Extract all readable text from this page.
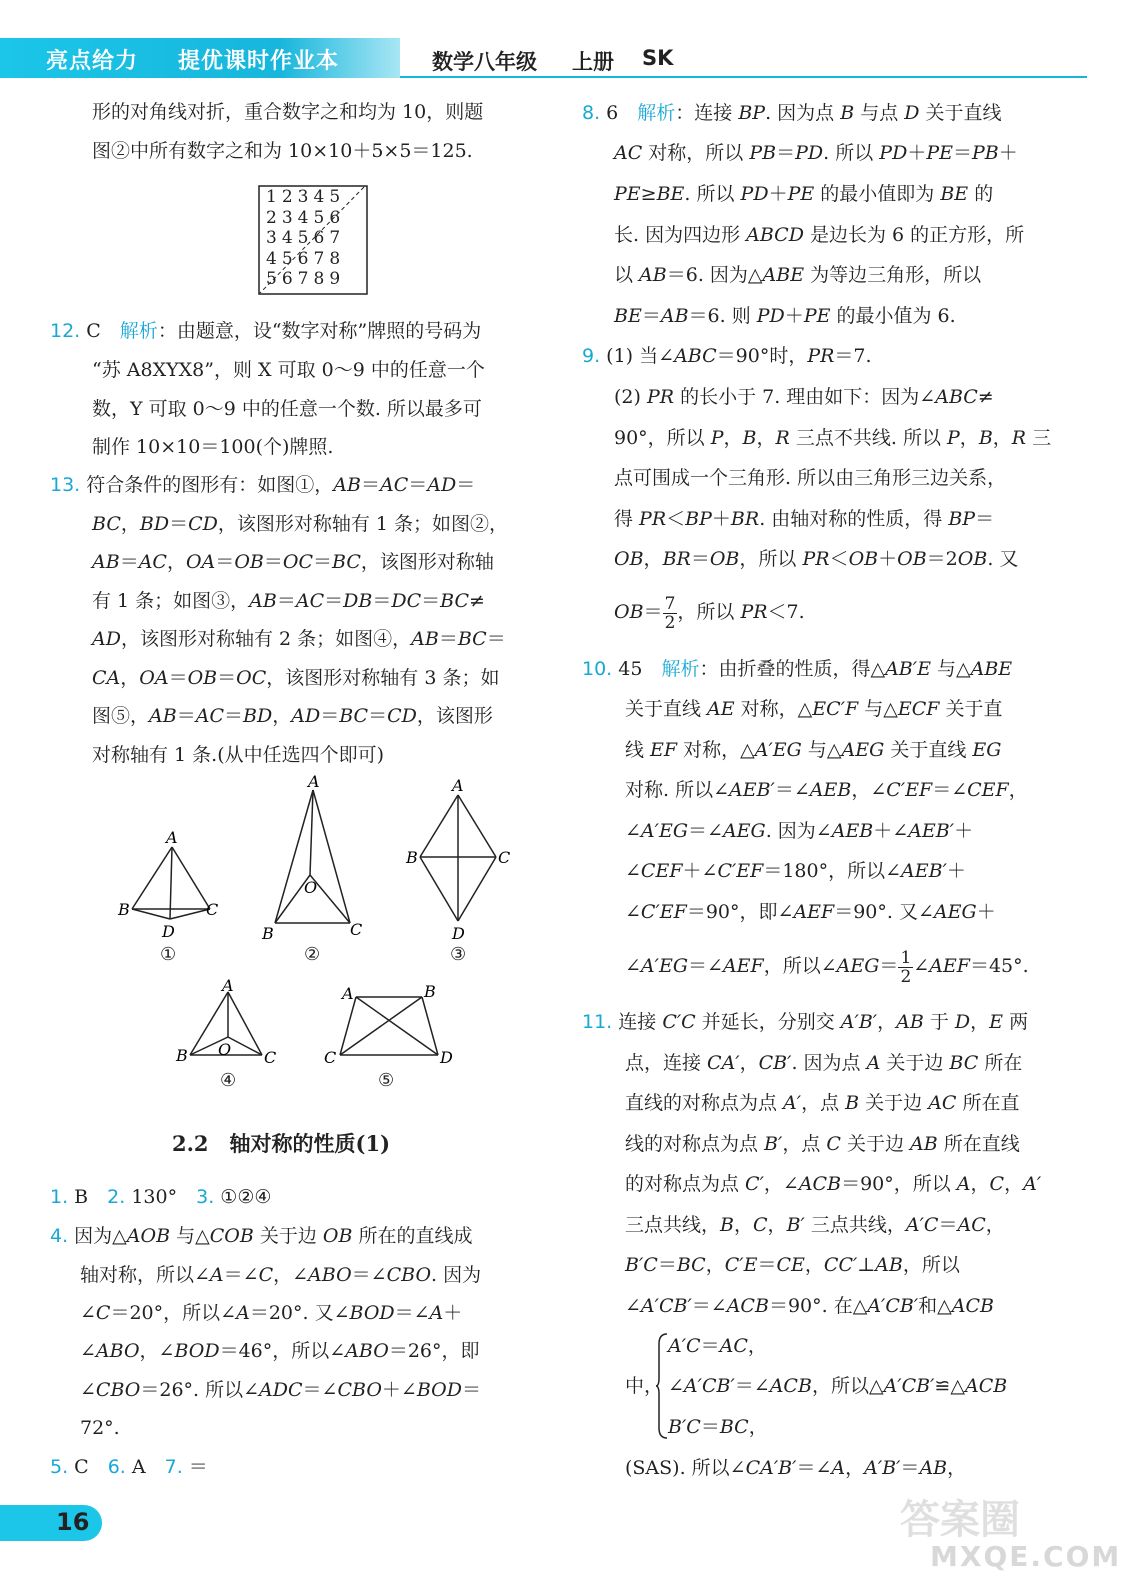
亮点给力 提优课时作业本	数学八年级 上册 SK
形的对角线对折，重合数字之和均为 10，则题
图②中所有数字之和为 10×10＋5×5＝125.
12345
23456
34567
45678
56789
12. C　解析：由题意，设“数字对称”牌照的号码为
“苏 A8XYX8”，则 X 可取 0～9 中的任意一个
数，Y 可取 0～9 中的任意一个数. 所以最多可
制作 10×10＝100(个)牌照.
13. 符合条件的图形有：如图①，AB＝AC＝AD＝
BC，BD＝CD，该图形对称轴有 1 条；如图②，
AB＝AC，OA＝OB＝OC＝BC，该图形对称轴
有 1 条；如图③，AB＝AC＝DB＝DC＝BC≠
AD，该图形对称轴有 2 条；如图④，AB＝BC＝
CA，OA＝OB＝OC，该图形对称轴有 3 条；如
图⑤，AB＝AC＝BD，AD＝BC＝CD，该图形
对称轴有 1 条.(从中任选四个即可)
A
B	C
D
A
O
B	C
A
B	C
D
A
B O C
A	B
C	D
①	②	③
④	⑤
2.2　轴对称的性质(1)
1. B　2. 130°　3. ①②④
4. 因为△AOB 与△COB 关于边 OB 所在的直线成
轴对称，所以∠A＝∠C，∠ABO＝∠CBO. 因为
∠C＝20°，所以∠A＝20°. 又∠BOD＝∠A＋
∠ABO，∠BOD＝46°，所以∠ABO＝26°，即
∠CBO＝26°. 所以∠ADC＝∠CBO＋∠BOD＝
72°.
5. C　6. A　7. ＝
8. 6　解析：连接 BP. 因为点 B 与点 D 关于直线
AC 对称，所以 PB＝PD. 所以 PD＋PE＝PB＋
PE≥BE. 所以 PD＋PE 的最小值即为 BE 的
长. 因为四边形 ABCD 是边长为 6 的正方形，所
以 AB＝6. 因为△ABE 为等边三角形，所以
BE＝AB＝6. 则 PD＋PE 的最小值为 6.
9. (1) 当∠ABC＝90°时，PR＝7.
(2) PR 的长小于 7. 理由如下：因为∠ABC≠
90°，所以 P，B，R 三点不共线. 所以 P，B，R 三
点可围成一个三角形. 所以由三角形三边关系，
得 PR＜BP＋BR. 由轴对称的性质，得 BP＝
OB，BR＝OB，所以 PR＜OB＋OB＝2OB. 又
$OB= \frac{7}{2}$ ，所以 PR＜7.
10. 45　解析：由折叠的性质，得△AB′E 与△ABE
关于直线 AE 对称，△EC′F 与△ECF 关于直
线 EF 对称，△A′EG 与△AEG 关于直线 EG
对称. 所以∠AEB′＝∠AEB，∠C′EF＝∠CEF，
∠A′EG＝∠AEG. 因为∠AEB＋∠AEB′＋
∠CEF＋∠C′EF＝180°，所以∠AEB′＋
∠C′EF＝90°，即∠AEF＝90°. 又∠AEG＋
∠A′EG＝∠AEF，所以∠AEG＝ $\frac{1}{2}$ ∠AEF＝45°.
11. 连接 C′C 并延长，分别交 A′B′，AB 于 D，E 两
点，连接 CA′，CB′. 因为点 A 关于边 BC 所在
直线的对称点为点 A′，点 B 关于边 AC 所在直
线的对称点为点 B′，点 C 关于边 AB 所在直线
的对称点为点 C′，∠ACB＝90°，所以 A，C，A′
三点共线，B，C，B′ 三点共线，A′C＝AC，
B′C＝BC，C′E＝CE，CC′⊥AB，所以
∠A′CB′＝∠ACB＝90°. 在△A′CB′和△ACB
中，
A′C＝AC，
∠A′CB′＝∠ACB，所以△A′CB′≌△ACB
B′C＝BC，
(SAS). 所以∠CA′B′＝∠A，A′B′＝AB，
16	答案圈
MXQE.COM
